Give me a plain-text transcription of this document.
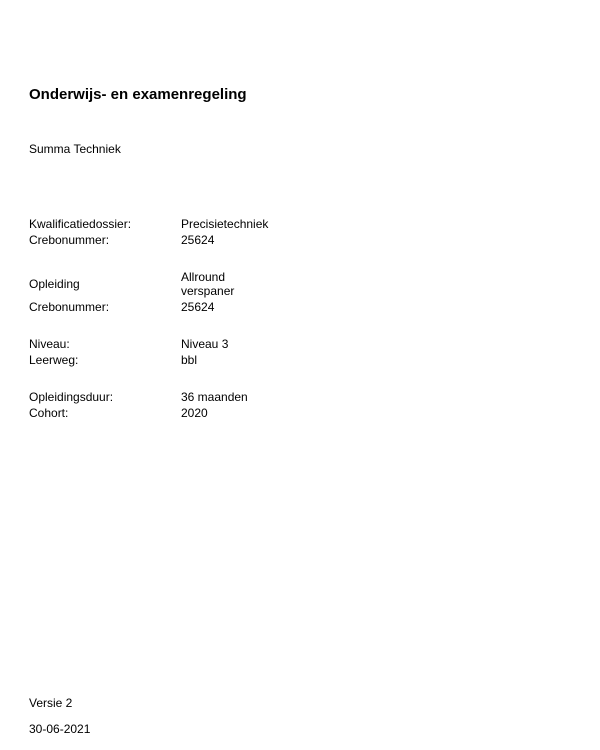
Onderwijs- en examenregeling
Summa Techniek
Kwalificatiedossier:	Precisietechniek
Crebonummer:	25624
Opleiding	Allround verspaner
Crebonummer:	25624
Niveau:	Niveau 3
Leerweg:	bbl
Opleidingsduur:	36 maanden
Cohort:	2020
Versie 2
30-06-2021
